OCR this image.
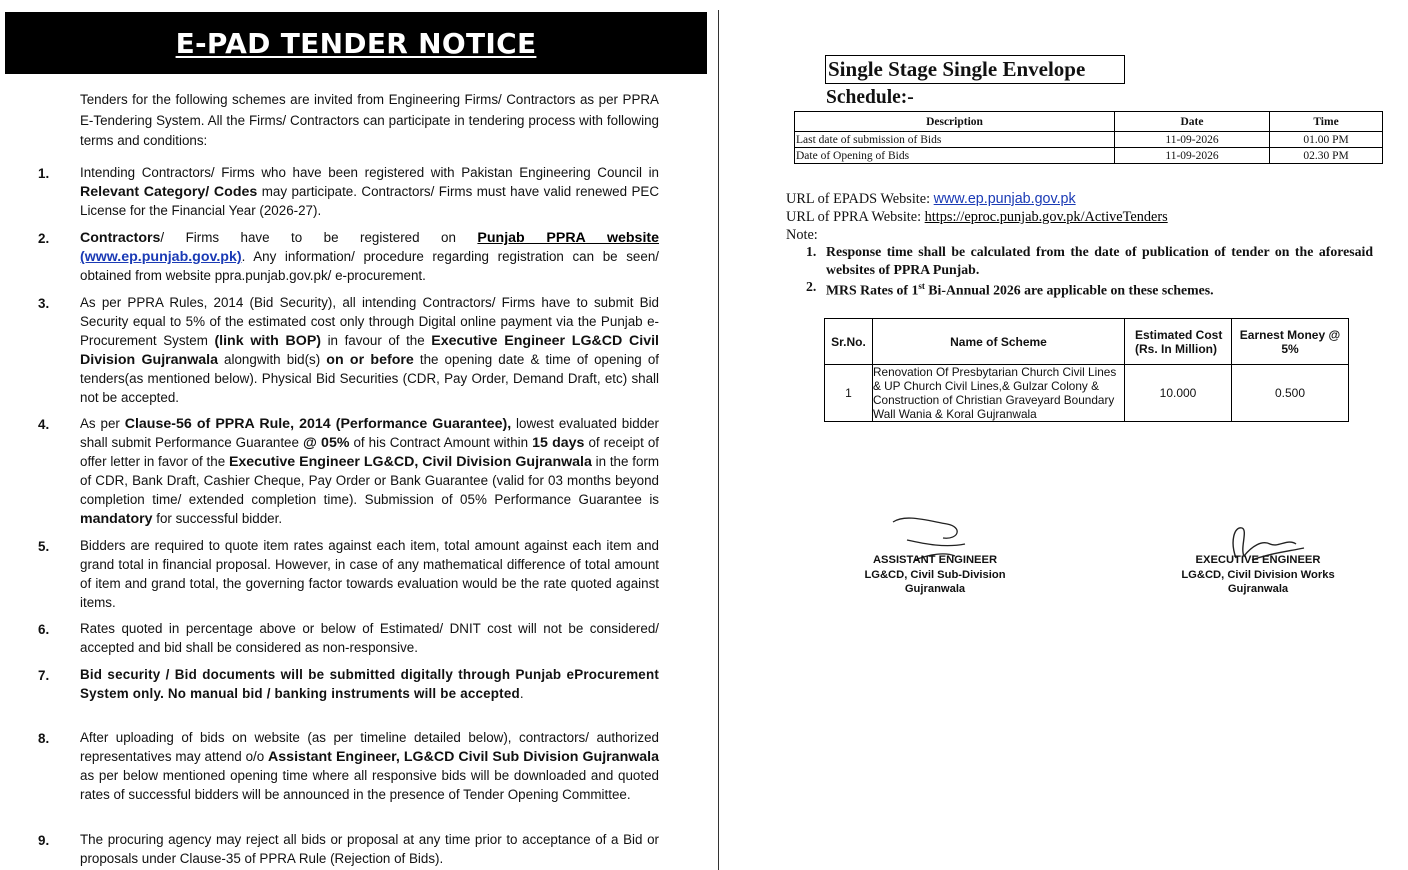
E-PAD TENDER NOTICE

Tenders for the following schemes are invited from Engineering Firms/ Contractors as per PPRA E-Tendering System. All the Firms/ Contractors can participate in tendering process with following terms and conditions:

1. Intending Contractors/ Firms who have been registered with Pakistan Engineering Council in Relevant Category/ Codes may participate. Contractors/ Firms must have valid renewed PEC License for the Financial Year (2026-27).

2. Contractors/ Firms have to be registered on Punjab PPRA website (www.ep.punjab.gov.pk). Any information/ procedure regarding registration can be seen/ obtained from website ppra.punjab.gov.pk/ e-procurement.

3. As per PPRA Rules, 2014 (Bid Security), all intending Contractors/ Firms have to submit Bid Security equal to 5% of the estimated cost only through Digital online payment via the Punjab e-Procurement System (link with BOP) in favour of the Executive Engineer LG&CD Civil Division Gujranwala alongwith bid(s) on or before the opening date & time of opening of tenders(as mentioned below). Physical Bid Securities (CDR, Pay Order, Demand Draft, etc) shall not be accepted.

4. As per Clause-56 of PPRA Rule, 2014 (Performance Guarantee), lowest evaluated bidder shall submit Performance Guarantee @ 05% of his Contract Amount within 15 days of receipt of offer letter in favor of the Executive Engineer LG&CD, Civil Division Gujranwala in the form of CDR, Bank Draft, Cashier Cheque, Pay Order or Bank Guarantee (valid for 03 months beyond completion time/ extended completion time). Submission of 05% Performance Guarantee is mandatory for successful bidder.

5. Bidders are required to quote item rates against each item, total amount against each item and grand total in financial proposal. However, in case of any mathematical difference of total amount of item and grand total, the governing factor towards evaluation would be the rate quoted against items.

6. Rates quoted in percentage above or below of Estimated/ DNIT cost will not be considered/ accepted and bid shall be considered as non-responsive.

7. Bid security / Bid documents will be submitted digitally through Punjab eProcurement System only. No manual bid / banking instruments will be accepted.

8. After uploading of bids on website (as per timeline detailed below), contractors/ authorized representatives may attend o/o Assistant Engineer, LG&CD Civil Sub Division Gujranwala as per below mentioned opening time where all responsive bids will be downloaded and quoted rates of successful bidders will be announced in the presence of Tender Opening Committee.

9. The procuring agency may reject all bids or proposal at any time prior to acceptance of a Bid or proposals under Clause-35 of PPRA Rule (Rejection of Bids).

Single Stage Single Envelope
Schedule:-
Description	Date	Time
Last date of submission of Bids	11-09-2026	01.00 PM
Date of Opening of Bids	11-09-2026	02.30 PM
URL of EPADS Website: www.ep.punjab.gov.pk
URL of PPRA Website: https://eproc.punjab.gov.pk/ActiveTenders
Note:
1. Response time shall be calculated from the date of publication of tender on the aforesaid websites of PPRA Punjab.
2. MRS Rates of 1st Bi-Annual 2026 are applicable on these schemes.
Sr.No.	Name of Scheme	Estimated Cost (Rs. In Million)	Earnest Money @ 5%
1	Renovation Of Presbytarian Church Civil Lines & UP Church Civil Lines,& Gulzar Colony & Construction of Christian Graveyard Boundary Wall Wania & Koral Gujranwala	10.000	0.500
ASSISTANT ENGINEER
LG&CD, Civil Sub-Division
Gujranwala
EXECUTIVE ENGINEER
LG&CD, Civil Division Works
Gujranwala
